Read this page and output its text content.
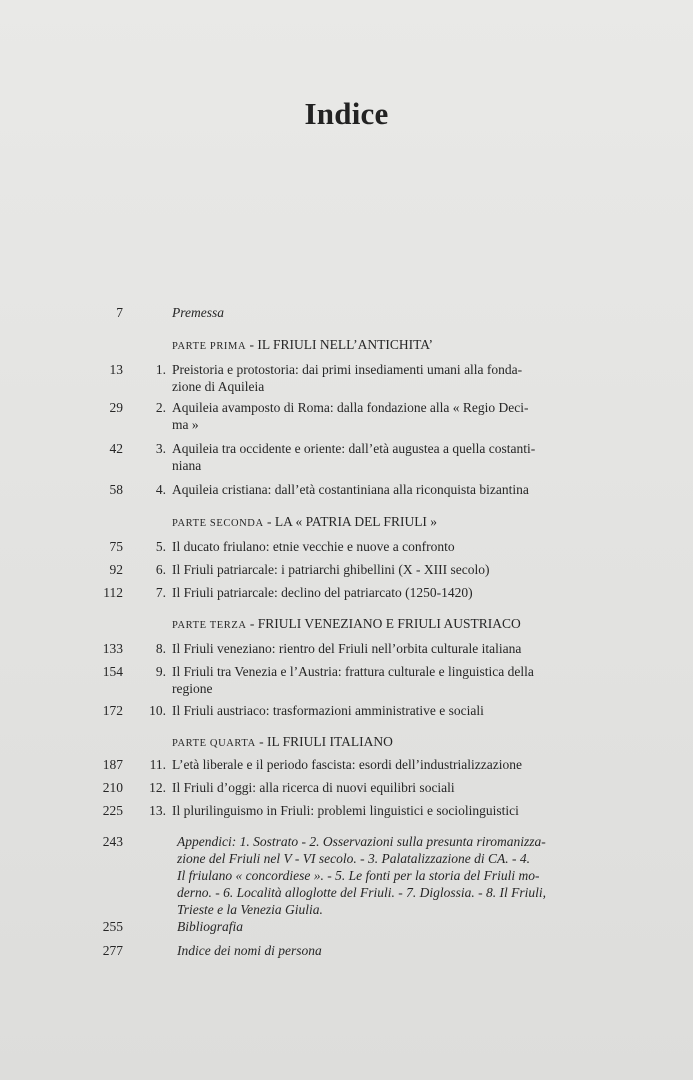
Indice
7	Premessa
PARTE PRIMA - IL FRIULI NELL’ANTICHITA’
13 1. Preistoria e protostoria: dai primi insediamenti umani alla fonda-
zione di Aquileia
29 2. Aquileia avamposto di Roma: dalla fondazione alla « Regio Deci-
ma »
42 3. Aquileia tra occidente e oriente: dall’età augustea a quella costanti-
niana
58 4. Aquileia cristiana: dall’età costantiniana alla riconquista bizantina
PARTE SECONDA - LA « PATRIA DEL FRIULI »
75 5. Il ducato friulano: etnie vecchie e nuove a confronto
92 6. Il Friuli patriarcale: i patriarchi ghibellini (X - XIII secolo)
112 7. Il Friuli patriarcale: declino del patriarcato (1250-1420)
PARTE TERZA - FRIULI VENEZIANO E FRIULI AUSTRIACO
133 8. Il Friuli veneziano: rientro del Friuli nell’orbita culturale italiana
154 9. Il Friuli tra Venezia e l’Austria: frattura culturale e linguistica della
regione
172 10. Il Friuli austriaco: trasformazioni amministrative e sociali
PARTE QUARTA - IL FRIULI ITALIANO
187 11. L’età liberale e il periodo fascista: esordi dell’industrializzazione
210 12. Il Friuli d’oggi: alla ricerca di nuovi equilibri sociali
225 13. Il plurilinguismo in Friuli: problemi linguistici e sociolinguistici
243	Appendici: 1. Sostrato - 2. Osservazioni sulla presunta riromanizza-
zione del Friuli nel V - VI secolo. - 3. Palatalizzazione di CA. - 4.
Il friulano « concordiese ». - 5. Le fonti per la storia del Friuli mo-
derno. - 6. Località alloglotte del Friuli. - 7. Diglossia. - 8. Il Friuli,
Trieste e la Venezia Giulia.
255	Bibliografia
277	Indice dei nomi di persona
